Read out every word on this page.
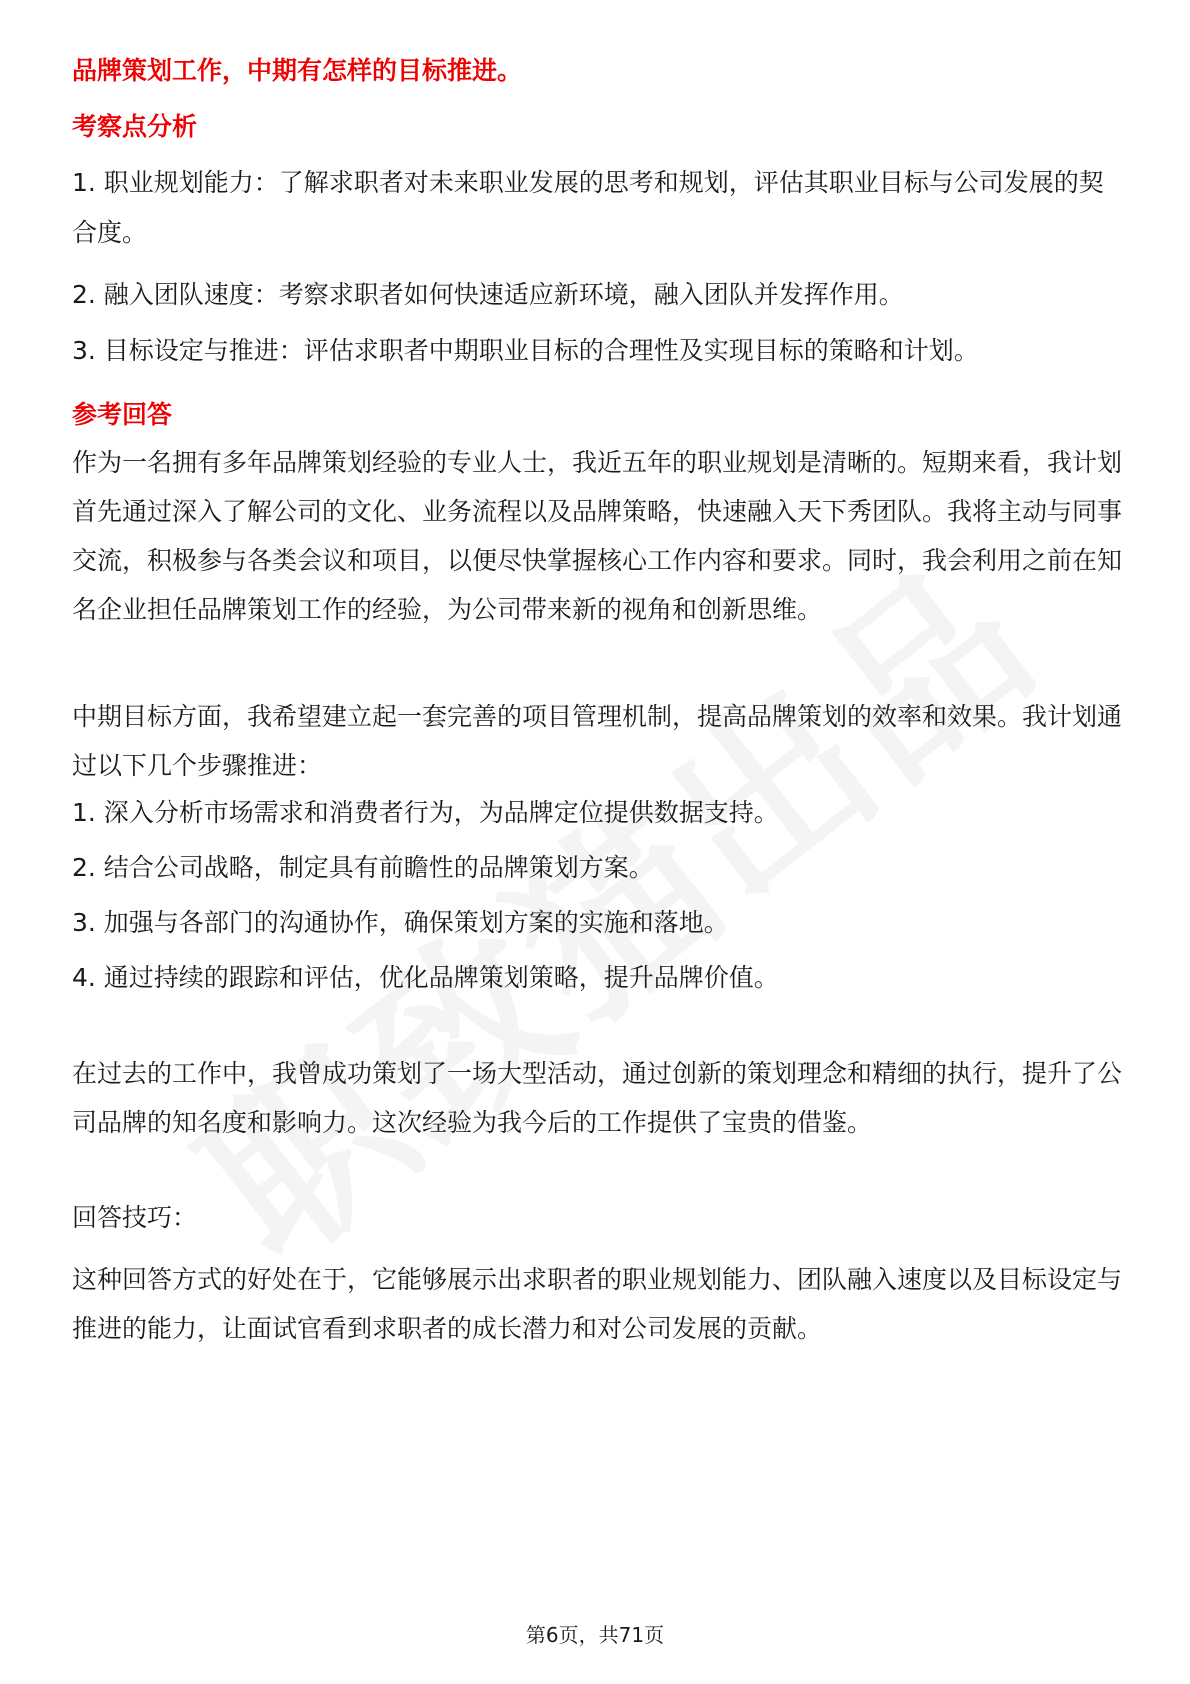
品牌策划工作，中期有怎样的目标推进。
考察点分析
1. 职业规划能力：了解求职者对未来职业发展的思考和规划，评估其职业目标与公司发展的契合度。
2. 融入团队速度：考察求职者如何快速适应新环境，融入团队并发挥作用。
3. 目标设定与推进：评估求职者中期职业目标的合理性及实现目标的策略和计划。
参考回答

作为一名拥有多年品牌策划经验的专业人士，我近五年的职业规划是清晰的。短期来看，我计划首先通过深入了解公司的文化、业务流程以及品牌策略，快速融入天下秀团队。我将主动与同事交流，积极参与各类会议和项目，以便尽快掌握核心工作内容和要求。同时，我会利用之前在知名企业担任品牌策划工作的经验，为公司带来新的视角和创新思维。

中期目标方面，我希望建立起一套完善的项目管理机制，提高品牌策划的效率和效果。我计划通过以下几个步骤推进：

1. 深入分析市场需求和消费者行为，为品牌定位提供数据支持。
2. 结合公司战略，制定具有前瞻性的品牌策划方案。
3. 加强与各部门的沟通协作，确保策划方案的实施和落地。
4. 通过持续的跟踪和评估，优化品牌策划策略，提升品牌价值。

在过去的工作中，我曾成功策划了一场大型活动，通过创新的策划理念和精细的执行，提升了公司品牌的知名度和影响力。这次经验为我今后的工作提供了宝贵的借鉴。

回答技巧：

这种回答方式的好处在于，它能够展示出求职者的职业规划能力、团队融入速度以及目标设定与推进的能力，让面试官看到求职者的成长潜力和对公司发展的贡献。

第6页，共71页
